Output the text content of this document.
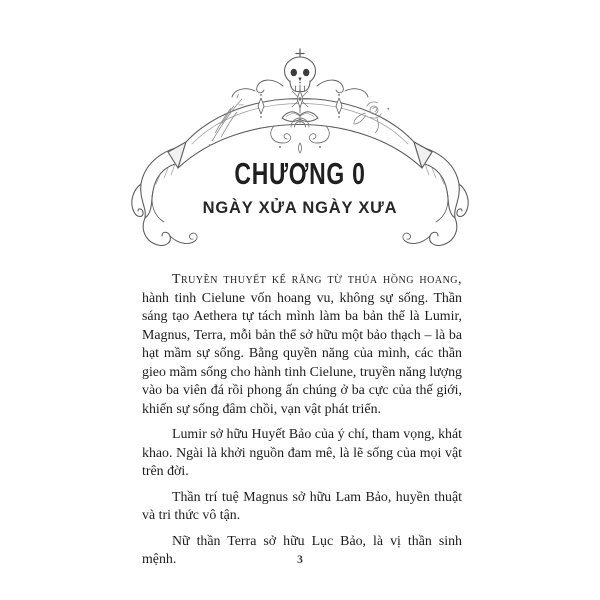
CHƯƠNG 0
NGÀY XỬA NGÀY XƯA

Truyền thuyết kể rằng từ thủa hồng hoang, hành tinh Cielune vốn hoang vu, không sự sống. Thần sáng tạo Aethera tự tách mình làm ba bản thể là Lumir, Magnus, Terra, mỗi bản thể sở hữu một bảo thạch – là ba hạt mầm sự sống. Bằng quyền năng của mình, các thần gieo mầm sống cho hành tinh Cielune, truyền năng lượng vào ba viên đá rồi phong ấn chúng ở ba cực của thế giới, khiến sự sống đâm chồi, vạn vật phát triển.

Lumir sở hữu Huyết Bảo của ý chí, tham vọng, khát khao. Ngài là khởi nguồn đam mê, là lẽ sống của mọi vật trên đời.

Thần trí tuệ Magnus sở hữu Lam Bảo, huyền thuật và tri thức vô tận.

Nữ thần Terra sở hữu Lục Bảo, là vị thần sinh mệnh.	3
